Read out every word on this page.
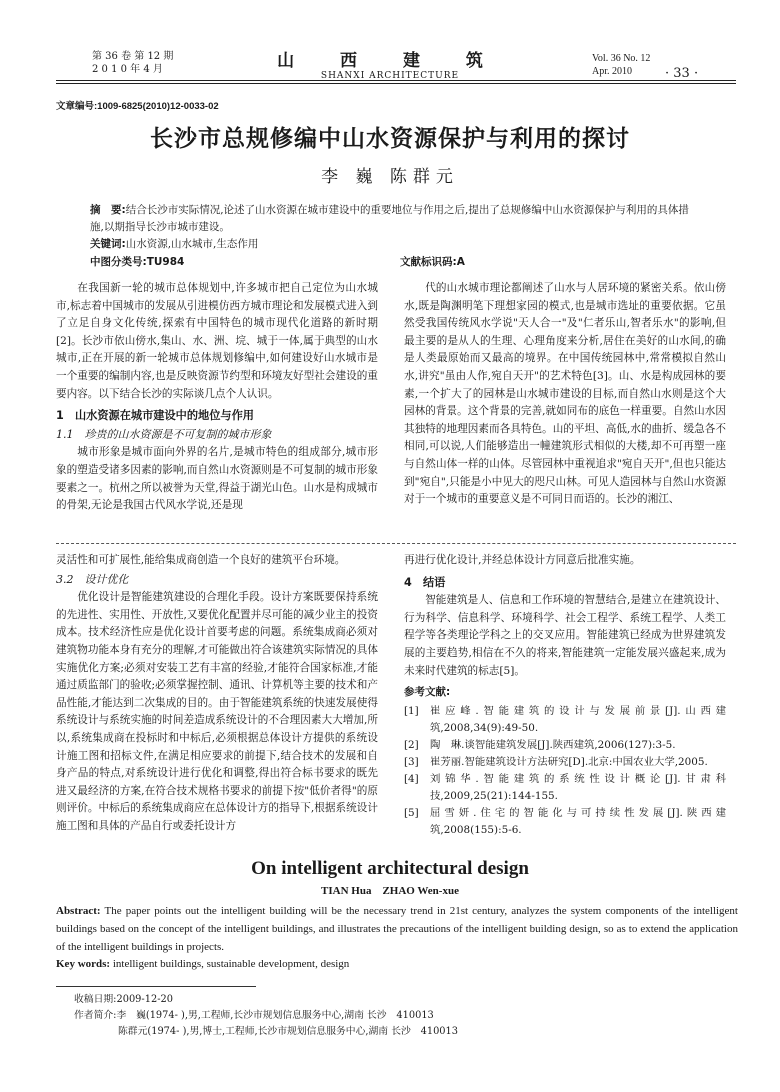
第 36 卷 第 12 期
2 0 1 0 年 4 月	山 西 建 筑
SHANXI ARCHITECTURE
Vol. 36 No. 12
Apr. 2010	· 33 ·
文章编号:1009-6825(2010)12-0033-02
长沙市总规修编中山水资源保护与利用的探讨
李 巍 陈群元
摘　要:结合长沙市实际情况,论述了山水资源在城市建设中的重要地位与作用之后,提出了总规修编中山水资源保护与利用的具体措施,以期指导长沙市城市建设。
关键词:山水资源,山水城市,生态作用
中图分类号:TU984	文献标识码:A

在我国新一轮的城市总体规划中,许多城市把自己定位为山水城市,标志着中国城市的发展从引进模仿西方城市理论和发展模式进入到了立足自身文化传统,探索有中国特色的城市现代化道路的新时期[2]。长沙市依山傍水,集山、水、洲、垸、城于一体,属于典型的山水城市,正在开展的新一轮城市总体规划修编中,如何建设好山水城市是一个重要的编制内容,也是反映资源节约型和环境友好型社会建设的重要内容。以下结合长沙的实际谈几点个人认识。

1　山水资源在城市建设中的地位与作用

1.1　珍贵的山水资源是不可复制的城市形象

城市形象是城市面向外界的名片,是城市特色的组成部分,城市形象的塑造受诸多因素的影响,而自然山水资源则是不可复制的城市形象要素之一。杭州之所以被誉为天堂,得益于湖光山色。山水是构成城市的骨架,无论是我国古代风水学说,还是现

代的山水城市理论都阐述了山水与人居环境的紧密关系。依山傍水,既是陶渊明笔下理想家园的模式,也是城市选址的重要依据。它虽然受我国传统风水学说"天人合一"及"仁者乐山,智者乐水"的影响,但最主要的是从人的生理、心理角度来分析,居住在美好的山水间,的确是人类最原始而又最高的境界。在中国传统园林中,常常模拟自然山水,讲究"虽由人作,宛自天开"的艺术特色[3]。山、水是构成园林的要素,一个扩大了的园林是山水城市建设的目标,而自然山水则是这个大园林的背景。这个背景的完善,就如同布的底色一样重要。自然山水因其独特的地理因素而各具特色。山的平坦、高低,水的曲折、缓急各不相同,可以说,人们能够造出一幢建筑形式相似的大楼,却不可再塑一座与自然山体一样的山体。尽管园林中重视追求"宛自天开",但也只能达到"宛自",只能是小中见大的咫尺山林。可见人造园林与自然山水资源对于一个城市的重要意义是不可同日而语的。长沙的湘江、

灵活性和可扩展性,能给集成商创造一个良好的建筑平台环境。

3.2　设计优化

优化设计是智能建筑建设的合理化手段。设计方案既要保持系统的先进性、实用性、开放性,又要优化配置并尽可能的减少业主的投资成本。技术经济性应是优化设计首要考虑的问题。系统集成商必须对建筑物功能本身有充分的理解,才可能做出符合该建筑实际情况的具体实施优化方案;必须对安装工艺有丰富的经验,才能符合国家标准,才能通过质监部门的验收;必须掌握控制、通讯、计算机等主要的技术和产品性能,才能达到二次集成的目的。由于智能建筑系统的快速发展使得系统设计与系统实施的时间差造成系统设计的不合理因素大大增加,所以,系统集成商在投标时和中标后,必须根据总体设计方提供的系统设计施工图和招标文件,在满足相应要求的前提下,结合技术的发展和自身产品的特点,对系统设计进行优化和调整,得出符合标书要求的既先进又最经济的方案,在符合技术规格书要求的前提下按"低价者得"的原则评价。中标后的系统集成商应在总体设计方的指导下,根据系统设计施工图和具体的产品自行或委托设计方

再进行优化设计,并经总体设计方同意后批准实施。

4　结语

智能建筑是人、信息和工作环境的智慧结合,是建立在建筑设计、行为科学、信息科学、环境科学、社会工程学、系统工程学、人类工程学等各类理论学科之上的交叉应用。智能建筑已经成为世界建筑发展的主要趋势,相信在不久的将来,智能建筑一定能发展兴盛起来,成为未来时代建筑的标志[5]。

参考文献:

[1]	崔应峰.智能建筑的设计与发展前景[J].山西建筑,2008,34(9):49-50.
[2]	陶　琳.谈智能建筑发展[J].陕西建筑,2006(127):3-5.
[3]	崔芳丽.智能建筑设计方法研究[D].北京:中国农业大学,2005.
[4]	刘锦华.智能建筑的系统性设计概论[J].甘肃科技,2009,25(21):144-155.
[5]	屈雪妍.住宅的智能化与可持续性发展[J].陕西建筑,2008(155):5-6.
On intelligent architectural design
TIAN Hua　ZHAO Wen-xue
Abstract: The paper points out the intelligent building will be the necessary trend in 21st century, analyzes the system components of the intelligent buildings based on the concept of the intelligent buildings, and illustrates the precautions of the intelligent building design, so as to extend the application of the intelligent buildings in projects.
Key words: intelligent buildings, sustainable development, design
收稿日期:2009-12-20
作者简介:李　巍(1974- ),男,工程师,长沙市规划信息服务中心,湖南 长沙　410013
陈群元(1974- ),男,博士,工程师,长沙市规划信息服务中心,湖南 长沙　410013
